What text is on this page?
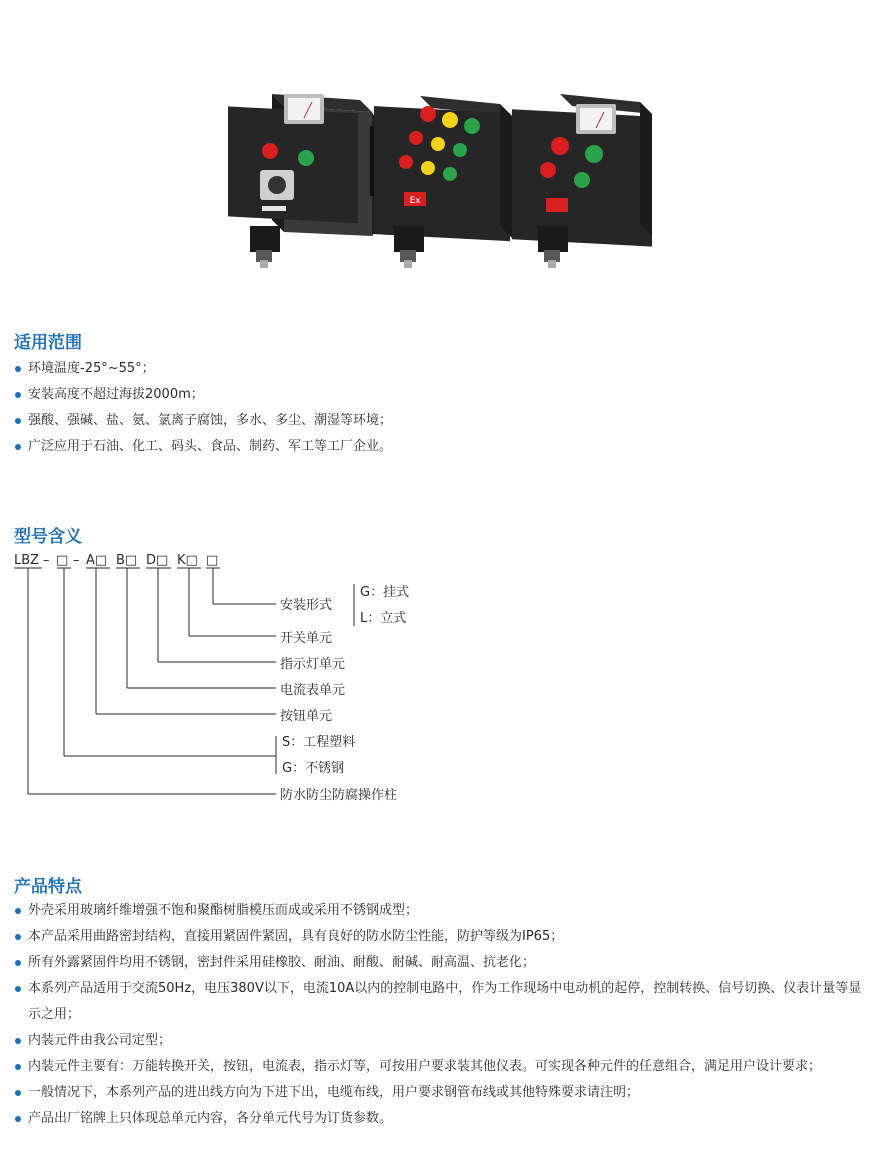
Ex
适用范围
环境温度-25°~55°；
安装高度不超过海拔2000m；
强酸、强碱、盐、氨、氯离子腐蚀，多水、多尘、潮湿等环境；
广泛应用于石油、化工、码头、食品、制药、军工等工厂企业。
型号含义
LBZ – □ – A□ B□ D□ K□ □
安装形式
G：挂式
L：立式
开关单元
指示灯单元
电流表单元
按钮单元
S：工程塑料
G：不锈钢
防水防尘防腐操作柱
产品特点
外壳采用玻璃纤维增强不饱和聚酯树脂模压而成或采用不锈钢成型；
本产品采用曲路密封结构，直接用紧固件紧固，具有良好的防水防尘性能，防护等级为IP65；
所有外露紧固件均用不锈钢，密封件采用硅橡胶、耐油、耐酸、耐碱、耐高温、抗老化；
本系列产品适用于交流50Hz，电压380V以下，电流10A以内的控制电路中，作为工作现场中电动机的起停，控制转换、信号切换、仪表计量等显示之用；
内装元件由我公司定型；
内装元件主要有：万能转换开关，按钮，电流表，指示灯等，可按用户要求装其他仪表。可实现各种元件的任意组合，满足用户设计要求；
一般情况下，本系列产品的进出线方向为下进下出，电缆布线，用户要求钢管布线或其他特殊要求请注明；
产品出厂铭牌上只体现总单元内容，各分单元代号为订货参数。
